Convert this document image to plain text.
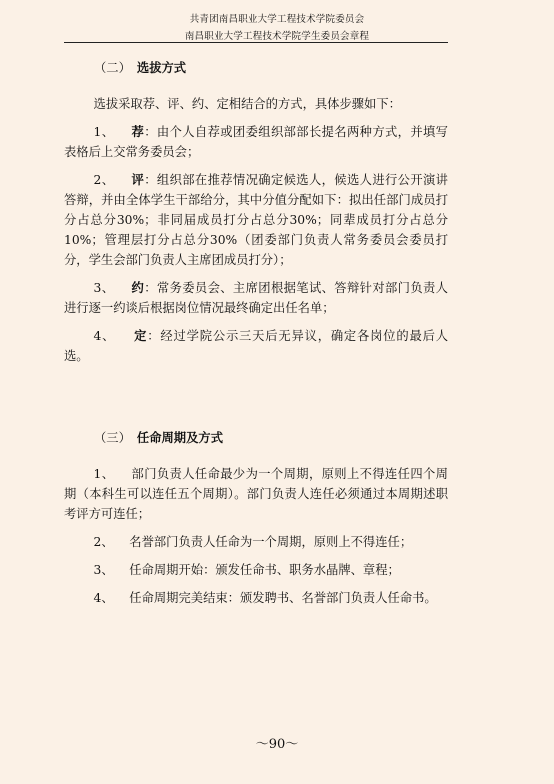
共青团南昌职业大学工程技术学院委员会
南昌职业大学工程技术学院学生委员会章程
（二） 选拔方式

选拔采取荐、评、约、定相结合的方式，具体步骤如下：

1、 荐：由个人自荐或团委组织部部长提名两种方式，并填写表格后上交常务委员会；

2、 评：组织部在推荐情况确定候选人，候选人进行公开演讲答辩，并由全体学生干部给分，其中分值分配如下：拟出任部门成员打分占总分30%；非同届成员打分占总分30%；同辈成员打分占总分10%；管理层打分占总分30%（团委部门负责人常务委员会委员打分，学生会部门负责人主席团成员打分）；

3、 约：常务委员会、主席团根据笔试、答辩针对部门负责人进行逐一约谈后根据岗位情况最终确定出任名单；

4、 定：经过学院公示三天后无异议，确定各岗位的最后人选。

（三） 任命周期及方式

1、 部门负责人任命最少为一个周期，原则上不得连任四个周期（本科生可以连任五个周期）。部门负责人连任必须通过本周期述职考评方可连任；

2、 名誉部门负责人任命为一个周期，原则上不得连任；

3、 任命周期开始：颁发任命书、职务水晶牌、章程；

4、 任命周期完美结束：颁发聘书、名誉部门负责人任命书。

～90～
